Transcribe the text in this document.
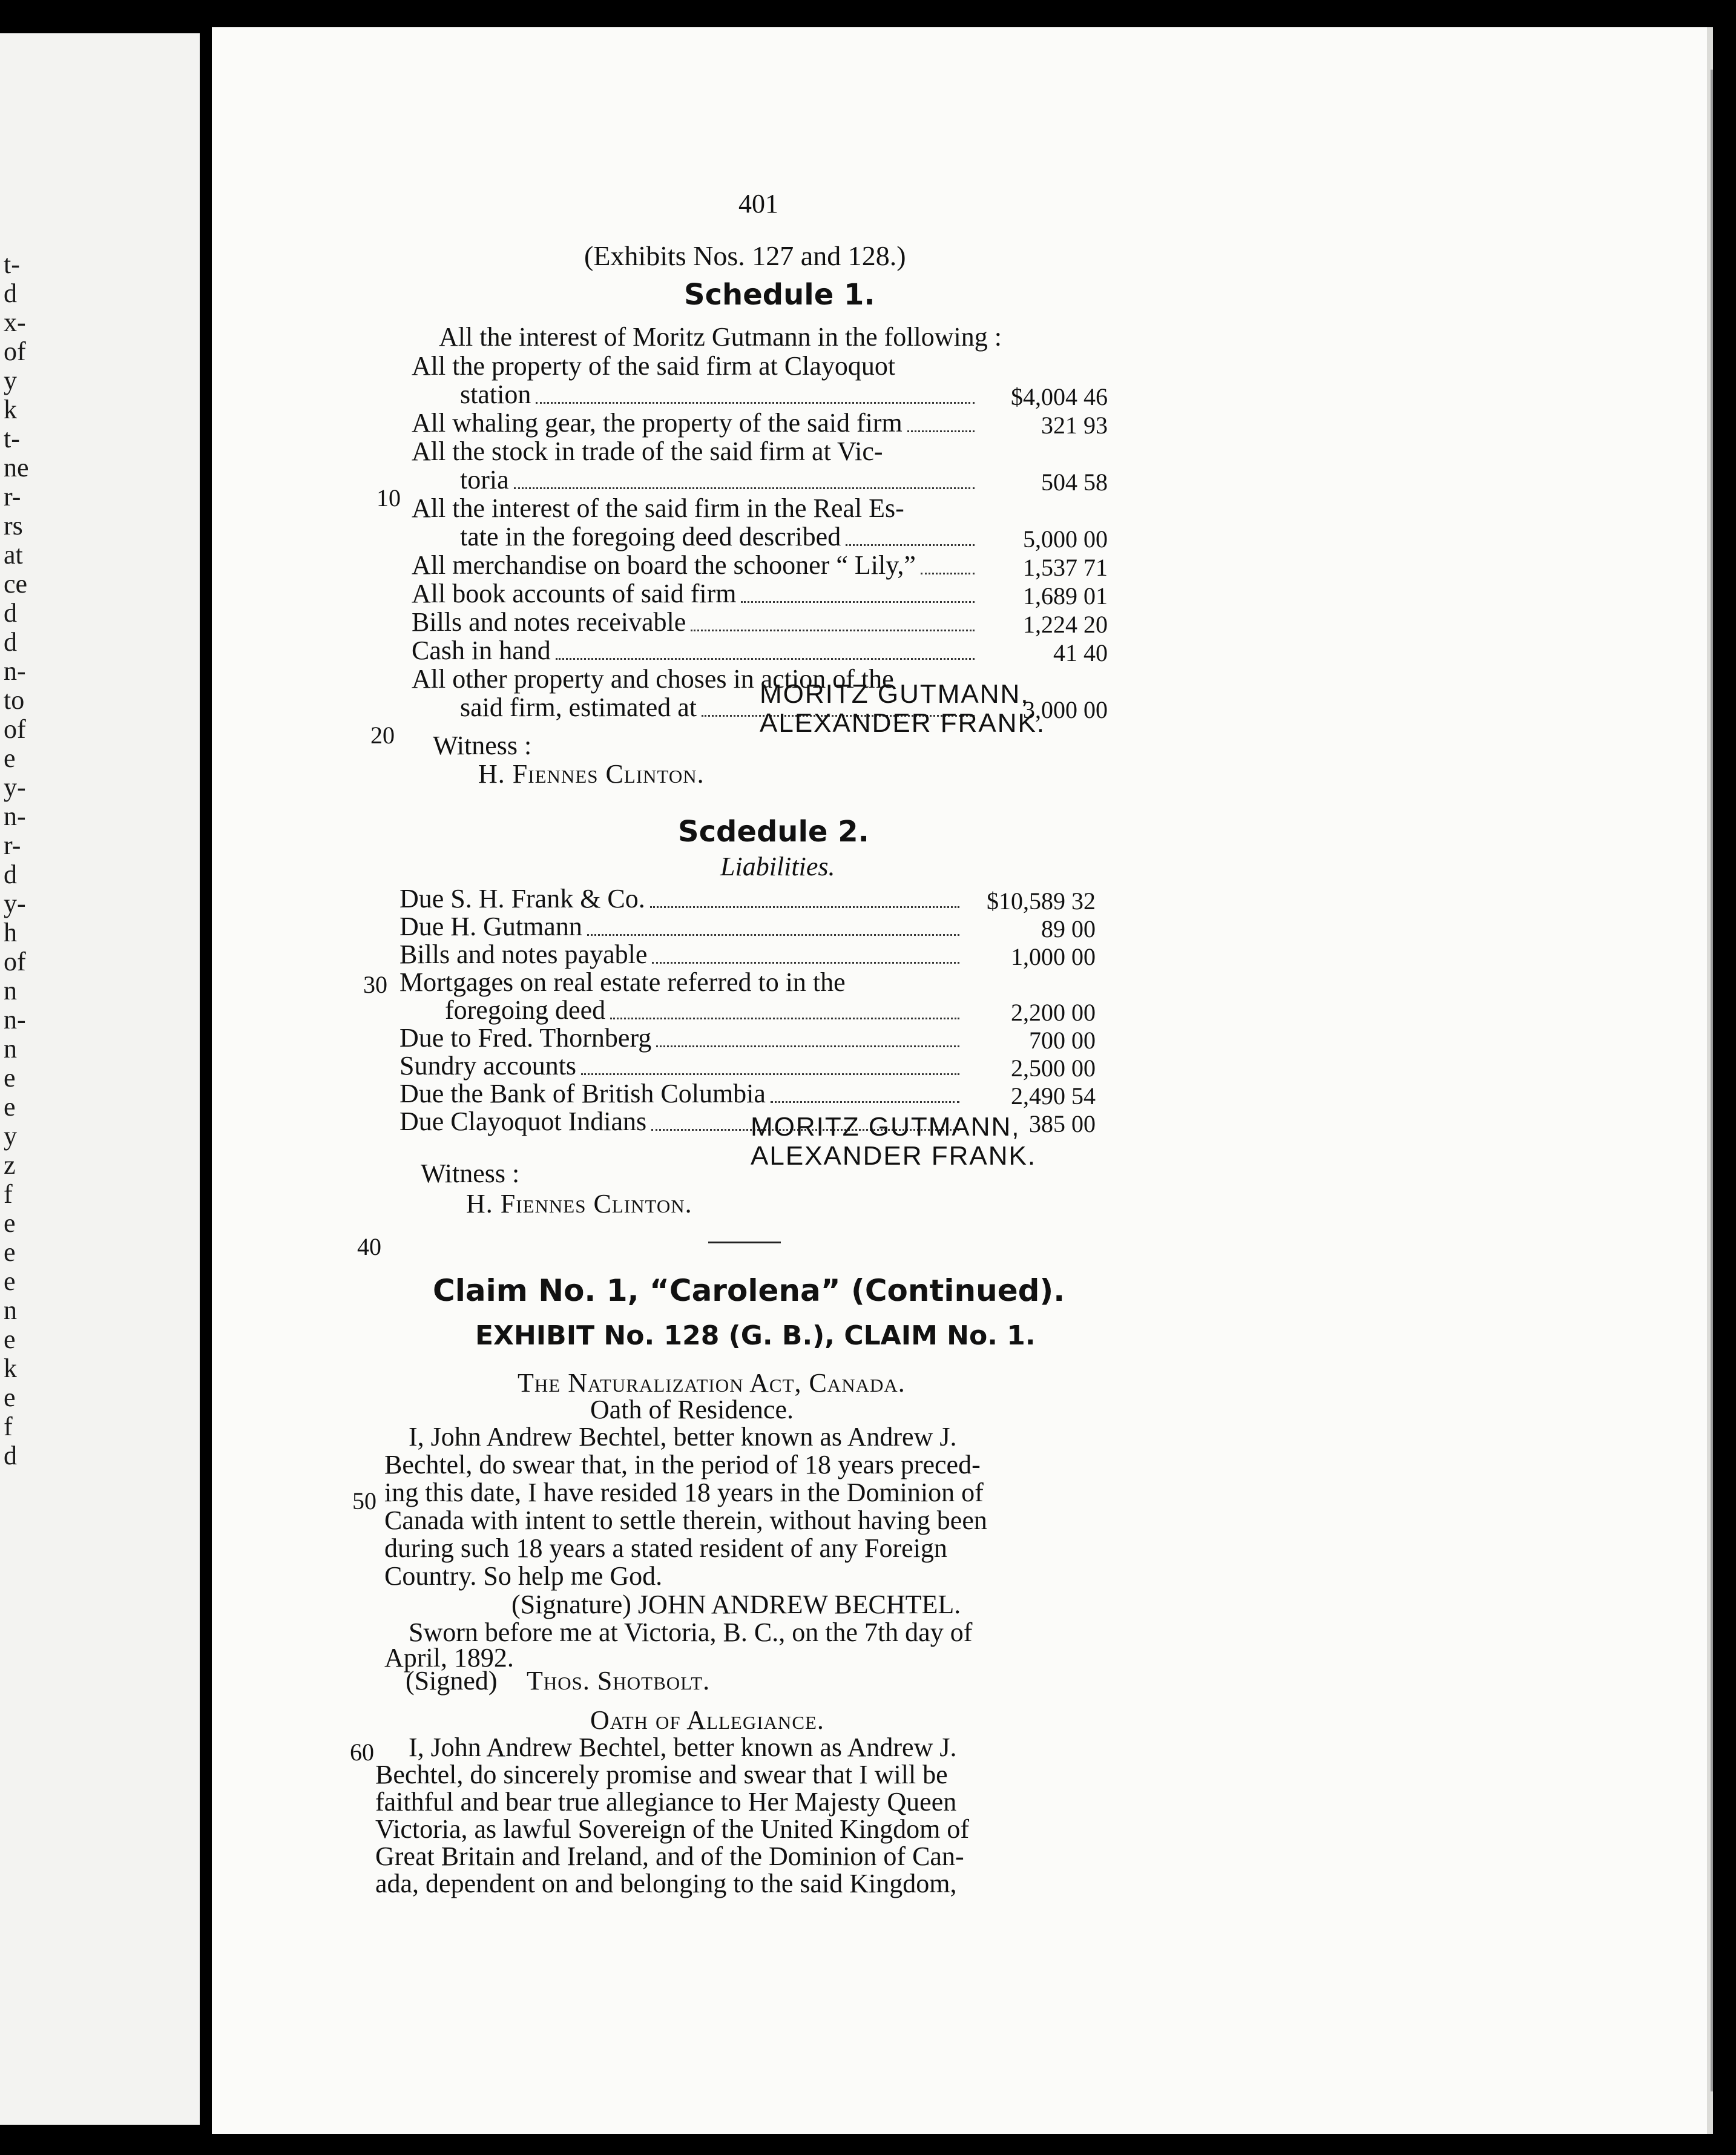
t-
d
x-
of
y
k
t-
ne
r-
rs
at
ce
d
d
n-
to
of
e
y-
n-
r-
d
y-
h
of
n
n-
n
e
e
y
z
f
e
e
e
n
e
k
e
f
d
401
(Exhibits Nos. 127 and 128.)
Schedule 1.
All the interest of Moritz Gutmann in the following :
All the property of the said firm at Clayoquot
station	$4,004 46
All whaling gear, the property of the said firm	321 93
All the stock in trade of the said firm at Vic-
toria	504 58
All the interest of the said firm in the Real Es-
tate in the foregoing deed described	5,000 00
All merchandise on board the schooner “ Lily,”	1,537 71
All book accounts of said firm	1,689 01
Bills and notes receivable	1,224 20
Cash in hand	41 40
All other property and choses in action of the
said firm, estimated at	3,000 00
MORITZ GUTMANN,
ALEXANDER FRANK.
Witness :
H. Fiennes Clinton.
Scdedule 2.
Liabilities.
Due S. H. Frank & Co.	$10,589 32
Due H. Gutmann	89 00
Bills and notes payable	1,000 00
Mortgages on real estate referred to in the
foregoing deed	2,200 00
Due to Fred. Thornberg	700 00
Sundry accounts	2,500 00
Due the Bank of British Columbia	2,490 54
Due Clayoquot Indians	385 00
MORITZ GUTMANN,
ALEXANDER FRANK.
Witness :
H. Fiennes Clinton.
10
20
30
40
50
60
Claim No. 1, “Carolena” (Continued).
EXHIBIT No. 128 (G. B.), CLAIM No. 1.
The Naturalization Act, Canada.
Oath of Residence.
I, John Andrew Bechtel, better known as Andrew J.
Bechtel, do swear that, in the period of 18 years preced-
ing this date, I have resided 18 years in the Dominion of
Canada with intent to settle therein, without having been
during such 18 years a stated resident of any Foreign
Country. So help me God.
(Signature) JOHN ANDREW BECHTEL.
Sworn before me at Victoria, B. C., on the 7th day of
April, 1892.
(Signed) Thos. Shotbolt.
Oath of Allegiance.
I, John Andrew Bechtel, better known as Andrew J.
Bechtel, do sincerely promise and swear that I will be
faithful and bear true allegiance to Her Majesty Queen
Victoria, as lawful Sovereign of the United Kingdom of
Great Britain and Ireland, and of the Dominion of Can-
ada, dependent on and belonging to the said Kingdom,
